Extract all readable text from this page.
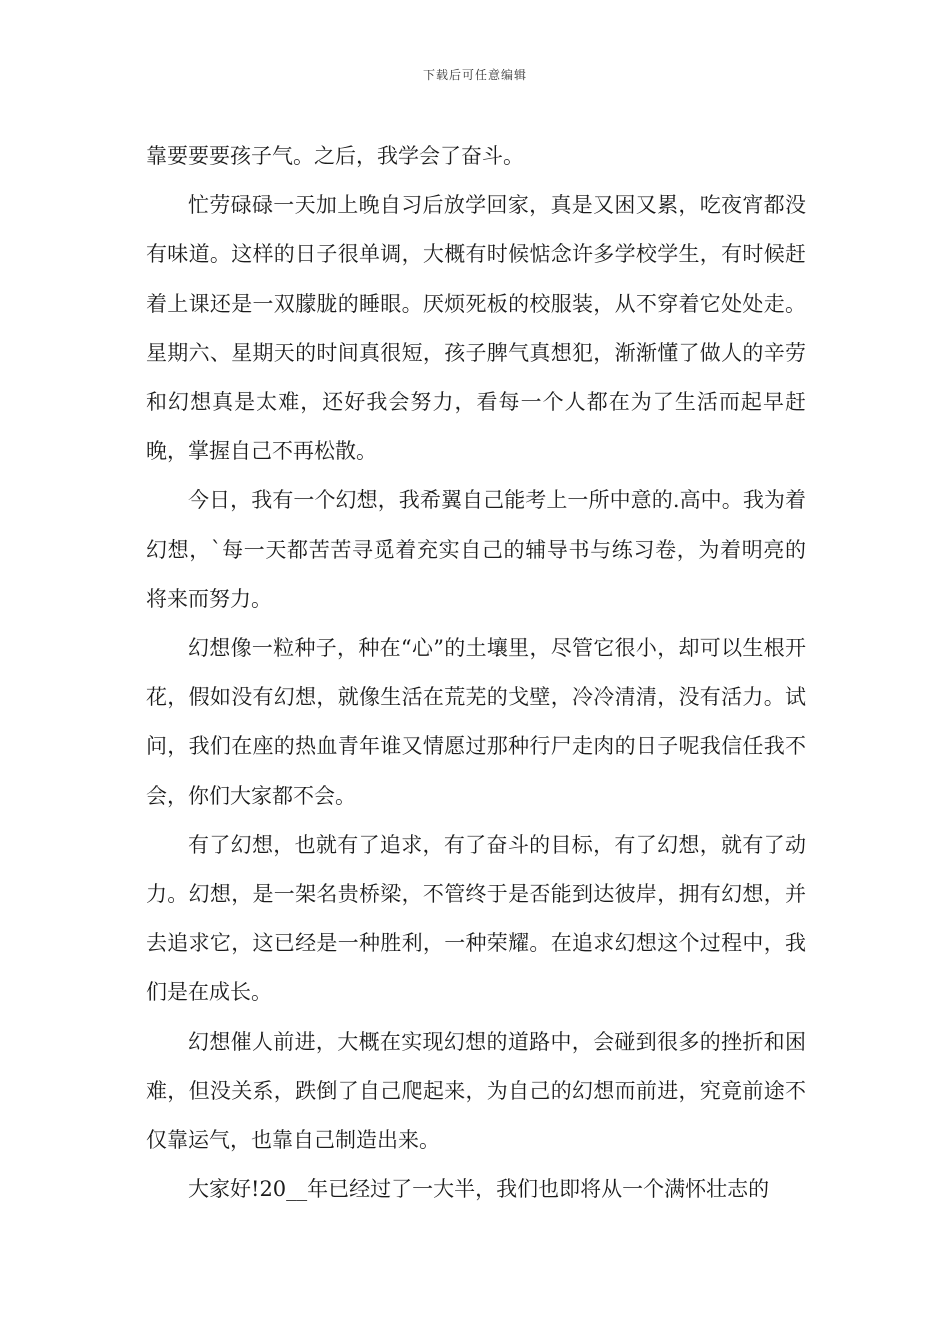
下载后可任意编辑

靠要要要孩子气。之后，我学会了奋斗。

忙劳碌碌一天加上晚自习后放学回家，真是又困又累，吃夜宵都没有味道。这样的日子很单调，大概有时候惦念许多学校学生，有时候赶着上课还是一双朦胧的睡眼。厌烦死板的校服装，从不穿着它处处走。星期六、星期天的时间真很短，孩子脾气真想犯，渐渐懂了做人的辛劳和幻想真是太难，还好我会努力，看每一个人都在为了生活而起早赶晚，掌握自己不再松散。

今日，我有一个幻想，我希翼自己能考上一所中意的.高中。我为着幻想，`每一天都苦苦寻觅着充实自己的辅导书与练习卷，为着明亮的将来而努力。

幻想像一粒种子，种在“心”的土壤里，尽管它很小，却可以生根开花，假如没有幻想，就像生活在荒芜的戈壁，冷冷清清，没有活力。试问，我们在座的热血青年谁又情愿过那种行尸走肉的日子呢我信任我不会，你们大家都不会。

有了幻想，也就有了追求，有了奋斗的目标，有了幻想，就有了动力。幻想，是一架名贵桥梁，不管终于是否能到达彼岸，拥有幻想，并去追求它，这已经是一种胜利，一种荣耀。在追求幻想这个过程中，我们是在成长。

幻想催人前进，大概在实现幻想的道路中，会碰到很多的挫折和困难，但没关系，跌倒了自己爬起来，为自己的幻想而前进，究竟前途不仅靠运气，也靠自己制造出来。

大家好!20__年已经过了一大半，我们也即将从一个满怀壮志的
